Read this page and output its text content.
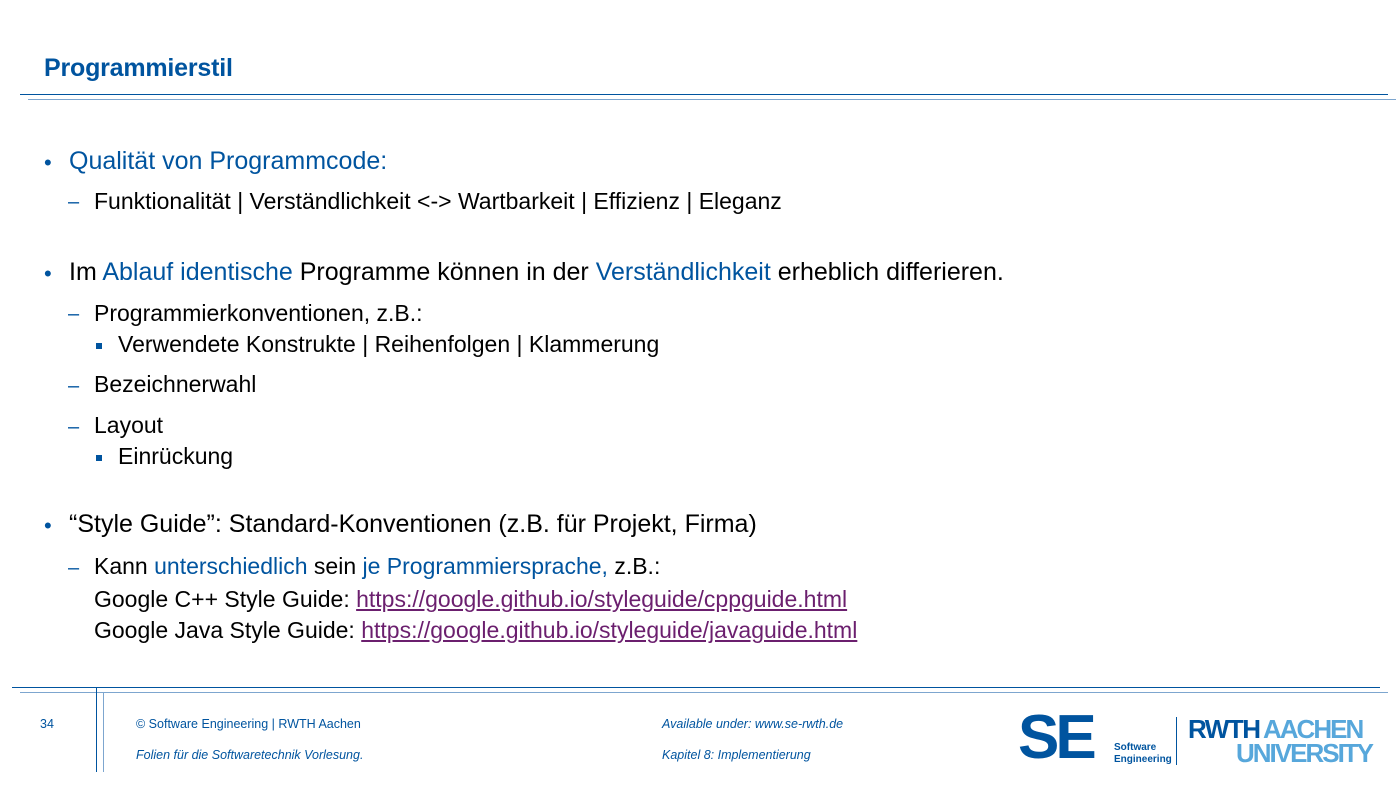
Programmierstil
• Qualität von Programmcode:
– Funktionalität | Verständlichkeit <-> Wartbarkeit | Effizienz | Eleganz
• Im Ablauf identische Programme können in der Verständlichkeit erheblich differieren.
– Programmierkonventionen, z.B.:
Verwendete Konstrukte | Reihenfolgen | Klammerung
– Bezeichnerwahl
– Layout
Einrückung
• “Style Guide”: Standard-Konventionen (z.B. für Projekt, Firma)
– Kann unterschiedlich sein je Programmiersprache, z.B.:
Google C++ Style Guide: https://google.github.io/styleguide/cppguide.html
Google Java Style Guide: https://google.github.io/styleguide/javaguide.html
34	© Software Engineering | RWTH Aachen
Folien für die Softwaretechnik Vorlesung.
Available under: www.se-rwth.de
Kapitel 8: Implementierung	SE Software
Engineering
RWTH AACHEN
UNIVERSITY
